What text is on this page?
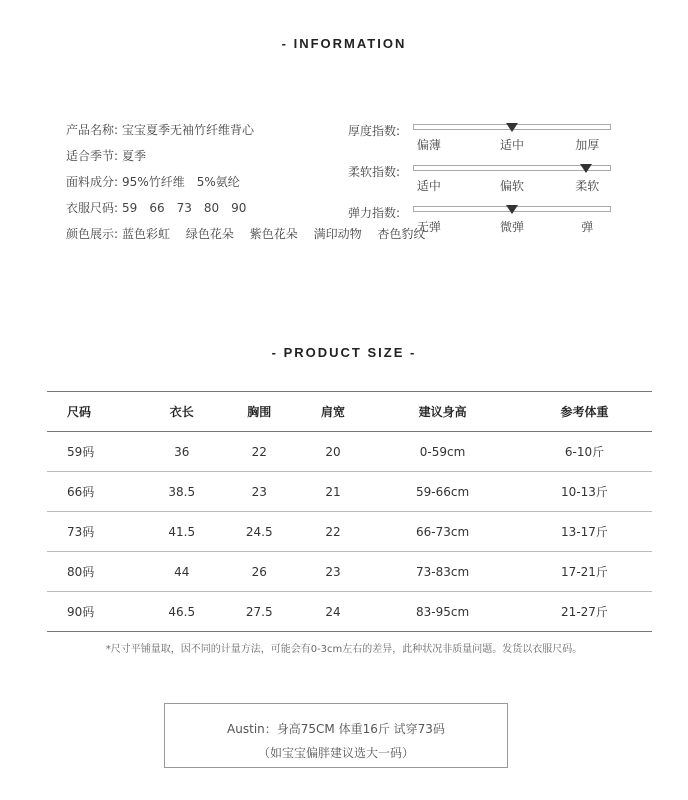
- INFORMATION
产品名称: 宝宝夏季无袖竹纤维背心
适合季节: 夏季
面料成分: 95%竹纤维 5%氨纶
衣服尺码: 59 66 73 80 90
颜色展示: 蓝色彩虹 绿色花朵 紫色花朵 满印动物 杏色豹纹
厚度指数:
偏薄	适中	加厚
柔软指数:
适中	偏软	柔软
弹力指数:
无弹	微弹	弹
- PRODUCT SIZE -
尺码	衣长	胸围	肩宽	建议身高	参考体重
59码	36	22	20	0-59cm	6-10斤
66码	38.5	23	21	59-66cm	10-13斤
73码	41.5	24.5	22	66-73cm	13-17斤
80码	44	26	23	73-83cm	17-21斤
90码	46.5	27.5	24	83-95cm	21-27斤
*尺寸平铺量取，因不同的计量方法，可能会有0-3cm左右的差异，此种状况非质量问题。发货以衣服尺码。
Austin：身高75CM 体重16斤 试穿73码
（如宝宝偏胖建议选大一码）
